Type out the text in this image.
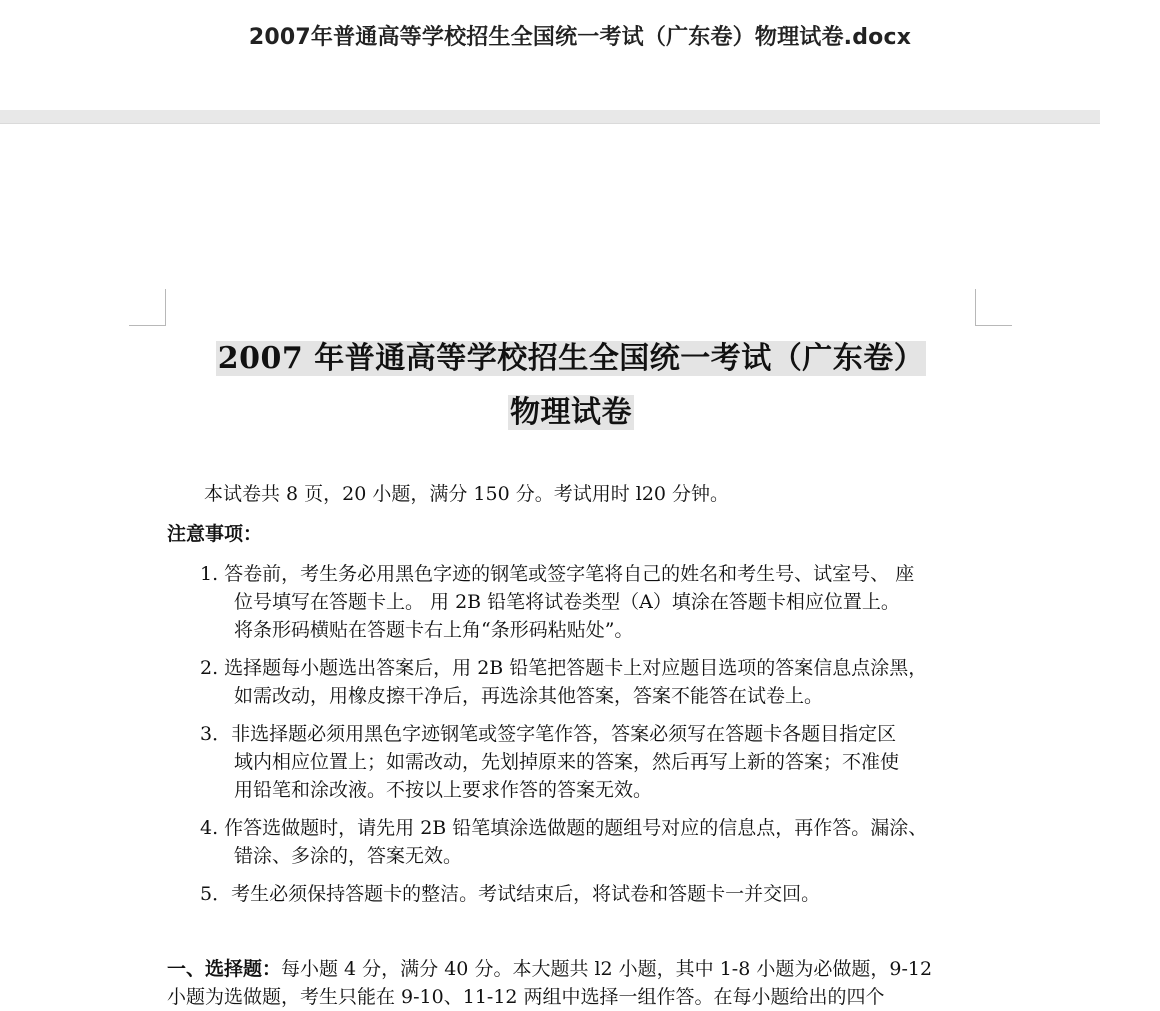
2007年普通高等学校招生全国统一考试（广东卷）物理试卷.docx
2007 年普通高等学校招生全国统一考试（广东卷）
物理试卷
本试卷共 8 页，20 小题，满分 150 分。考试用时 l20 分钟。
注意事项：
1. 答卷前，考生务必用黑色字迹的钢笔或签字笔将自己的姓名和考生号、试室号、 座
位号填写在答题卡上。 用 2B 铅笔将试卷类型（A）填涂在答题卡相应位置上。
将条形码横贴在答题卡右上角“条形码粘贴处”。
2. 选择题每小题选出答案后，用 2B 铅笔把答题卡上对应题目选项的答案信息点涂黑，
如需改动，用橡皮擦干净后，再选涂其他答案，答案不能答在试卷上。
3．非选择题必须用黑色字迹钢笔或签字笔作答，答案必须写在答题卡各题目指定区
域内相应位置上；如需改动，先划掉原来的答案，然后再写上新的答案；不准使
用铅笔和涂改液。不按以上要求作答的答案无效。
4. 作答选做题时，请先用 2B 铅笔填涂选做题的题组号对应的信息点，再作答。漏涂、
错涂、多涂的，答案无效。
5．考生必须保持答题卡的整洁。考试结束后，将试卷和答题卡一并交回。
一、选择题：每小题 4 分，满分 40 分。本大题共 l2 小题，其中 1-8 小题为必做题，9-12
小题为选做题，考生只能在 9-10、11-12 两组中选择一组作答。在每小题给出的四个
